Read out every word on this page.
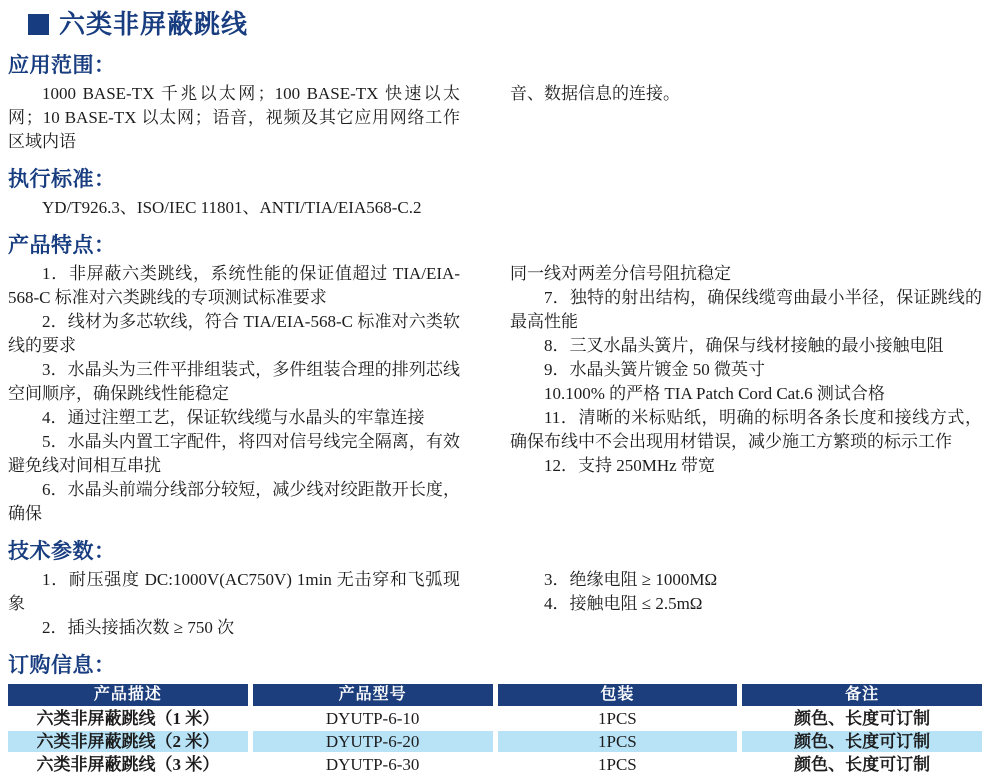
六类非屏蔽跳线
应用范围：

1000 BASE-TX 千兆以太网；100 BASE-TX 快速以太网；10 BASE-TX 以太网；语音，视频及其它应用网络工作区域内语

音、数据信息的连接。

执行标准：

YD/T926.3、ISO/IEC 11801、ANTI/TIA/EIA568-C.2

产品特点：

1．非屏蔽六类跳线，系统性能的保证值超过 TIA/EIA-568-C 标准对六类跳线的专项测试标准要求

2．线材为多芯软线，符合 TIA/EIA-568-C 标准对六类软线的要求

3．水晶头为三件平排组装式，多件组装合理的排列芯线空间顺序，确保跳线性能稳定

4．通过注塑工艺，保证软线缆与水晶头的牢靠连接

5．水晶头内置工字配件，将四对信号线完全隔离，有效避免线对间相互串扰

6．水晶头前端分线部分较短，减少线对绞距散开长度，确保

同一线对两差分信号阻抗稳定

7．独特的射出结构，确保线缆弯曲最小半径，保证跳线的最高性能

8．三叉水晶头簧片，确保与线材接触的最小接触电阻

9．水晶头簧片镀金 50 微英寸

10.100% 的严格 TIA Patch Cord Cat.6 测试合格

11．清晰的米标贴纸，明确的标明各条长度和接线方式，确保布线中不会出现用材错误，减少施工方繁琐的标示工作

12．支持 250MHz 带宽

技术参数：

1．耐压强度 DC:1000V(AC750V) 1min 无击穿和飞弧现象

2．插头接插次数 ≥ 750 次

3．绝缘电阻 ≥ 1000MΩ

4．接触电阻 ≤ 2.5mΩ

订购信息：
产品描述	产品型号	包装	备注
六类非屏蔽跳线（1 米）	DYUTP-6-10	1PCS	颜色、长度可订制
六类非屏蔽跳线（2 米）	DYUTP-6-20	1PCS	颜色、长度可订制
六类非屏蔽跳线（3 米）	DYUTP-6-30	1PCS	颜色、长度可订制
